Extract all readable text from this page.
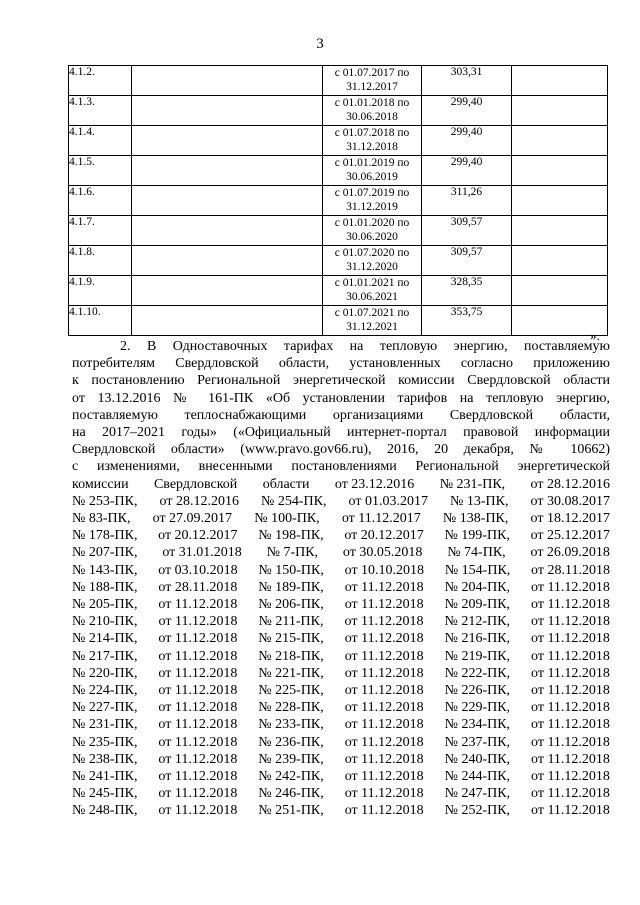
3
4.1.2.		с 01.07.2017 по
31.12.2017	303,31	
4.1.3.		с 01.01.2018 по
30.06.2018	299,40	
4.1.4.		с 01.07.2018 по
31.12.2018	299,40	
4.1.5.		с 01.01.2019 по
30.06.2019	299,40	
4.1.6.		с 01.07.2019 по
31.12.2019	311,26	
4.1.7.		с 01.01.2020 по
30.06.2020	309,57	
4.1.8.		с 01.07.2020 по
31.12.2020	309,57	
4.1.9.		с 01.01.2021 по
30.06.2021	328,35	
4.1.10.		с 01.07.2021 по
31.12.2021	353,75	
».
2. В Одноставочных тарифах на тепловую энергию, поставляемую
потребителям Свердловской области, установленных согласно приложению
к постановлению Региональной энергетической комиссии Свердловской области
от 13.12.2016 № 161-ПК «Об установлении тарифов на тепловую энергию,
поставляемую теплоснабжающими организациями Свердловской области,
на 2017–2021 годы» («Официальный интернет-портал правовой информации
Свердловской области» (www.pravo.gov66.ru), 2016, 20 декабря, № 10662)
с изменениями, внесенными постановлениями Региональной энергетической
комиссии Свердловской области от 23.12.2016 № 231-ПК, от 28.12.2016
№ 253-ПК, от 28.12.2016 № 254-ПК, от 01.03.2017 № 13-ПК, от 30.08.2017
№ 83-ПК, от 27.09.2017 № 100-ПК, от 11.12.2017 № 138-ПК, от 18.12.2017
№ 178-ПК, от 20.12.2017 № 198-ПК, от 20.12.2017 № 199-ПК, от 25.12.2017
№ 207-ПК, от 31.01.2018 № 7-ПК, от 30.05.2018 № 74-ПК, от 26.09.2018
№ 143-ПК, от 03.10.2018 № 150-ПК, от 10.10.2018 № 154-ПК, от 28.11.2018
№ 188-ПК, от 28.11.2018 № 189-ПК, от 11.12.2018 № 204-ПК, от 11.12.2018
№ 205-ПК, от 11.12.2018 № 206-ПК, от 11.12.2018 № 209-ПК, от 11.12.2018
№ 210-ПК, от 11.12.2018 № 211-ПК, от 11.12.2018 № 212-ПК, от 11.12.2018
№ 214-ПК, от 11.12.2018 № 215-ПК, от 11.12.2018 № 216-ПК, от 11.12.2018
№ 217-ПК, от 11.12.2018 № 218-ПК, от 11.12.2018 № 219-ПК, от 11.12.2018
№ 220-ПК, от 11.12.2018 № 221-ПК, от 11.12.2018 № 222-ПК, от 11.12.2018
№ 224-ПК, от 11.12.2018 № 225-ПК, от 11.12.2018 № 226-ПК, от 11.12.2018
№ 227-ПК, от 11.12.2018 № 228-ПК, от 11.12.2018 № 229-ПК, от 11.12.2018
№ 231-ПК, от 11.12.2018 № 233-ПК, от 11.12.2018 № 234-ПК, от 11.12.2018
№ 235-ПК, от 11.12.2018 № 236-ПК, от 11.12.2018 № 237-ПК, от 11.12.2018
№ 238-ПК, от 11.12.2018 № 239-ПК, от 11.12.2018 № 240-ПК, от 11.12.2018
№ 241-ПК, от 11.12.2018 № 242-ПК, от 11.12.2018 № 244-ПК, от 11.12.2018
№ 245-ПК, от 11.12.2018 № 246-ПК, от 11.12.2018 № 247-ПК, от 11.12.2018
№ 248-ПК, от 11.12.2018 № 251-ПК, от 11.12.2018 № 252-ПК, от 11.12.2018
